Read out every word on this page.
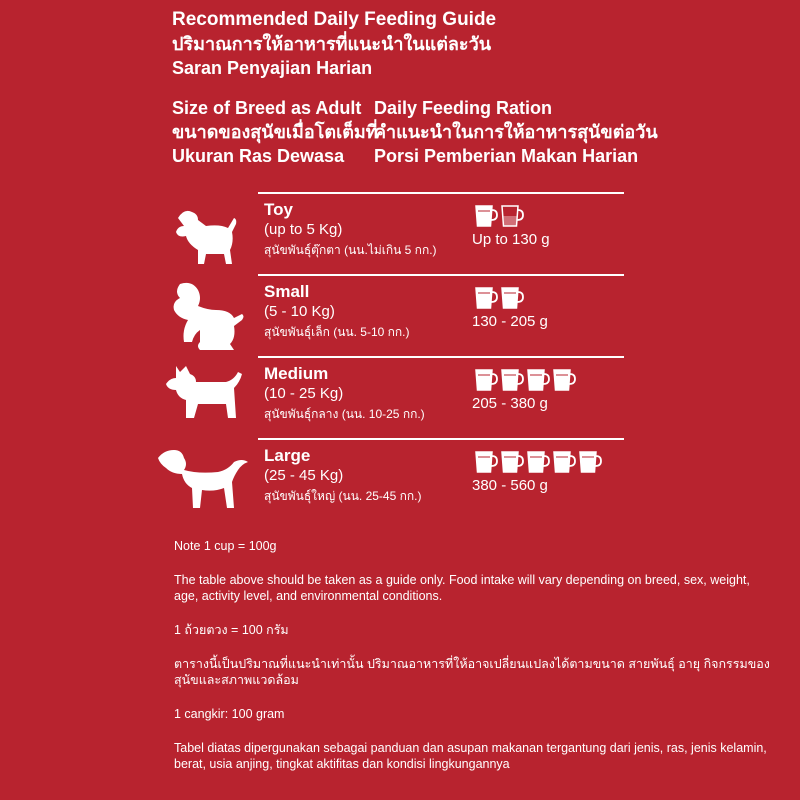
Recommended Daily Feeding Guide
ปริมาณการให้อาหารที่แนะนำในแต่ละวัน
Saran Penyajian Harian
Size of Breed as Adult
ขนาดของสุนัขเมื่อโตเต็มที่
Ukuran Ras Dewasa
Daily Feeding Ration
คำแนะนำในการให้อาหารสุนัขต่อวัน
Porsi Pemberian Makan Harian
Toy
(up to 5 Kg)
สุนัขพันธุ์ตุ๊กตา (นน.ไม่เกิน 5 กก.)
Up to 130 g
Small
(5 - 10 Kg)
สุนัขพันธุ์เล็ก (นน. 5-10 กก.)
130 - 205 g
Medium
(10 - 25 Kg)
สุนัขพันธุ์กลาง (นน. 10-25 กก.)
205 - 380 g
Large
(25 - 45 Kg)
สุนัขพันธุ์ใหญ่ (นน. 25-45 กก.)
380 - 560 g

Note 1 cup = 100g

The table above should be taken as a guide only. Food intake will vary depending on breed, sex, weight, age, activity level, and environmental conditions.

1 ถ้วยตวง = 100 กรัม

ตารางนี้เป็นปริมาณที่แนะนำเท่านั้น ปริมาณอาหารที่ให้อาจเปลี่ยนแปลงได้ตามขนาด สายพันธุ์ อายุ กิจกรรมของสุนัขและสภาพแวดล้อม

1 cangkir: 100 gram

Tabel diatas dipergunakan sebagai panduan dan asupan makanan tergantung dari jenis, ras, jenis kelamin, berat, usia anjing, tingkat aktifitas dan kondisi lingkungannya
